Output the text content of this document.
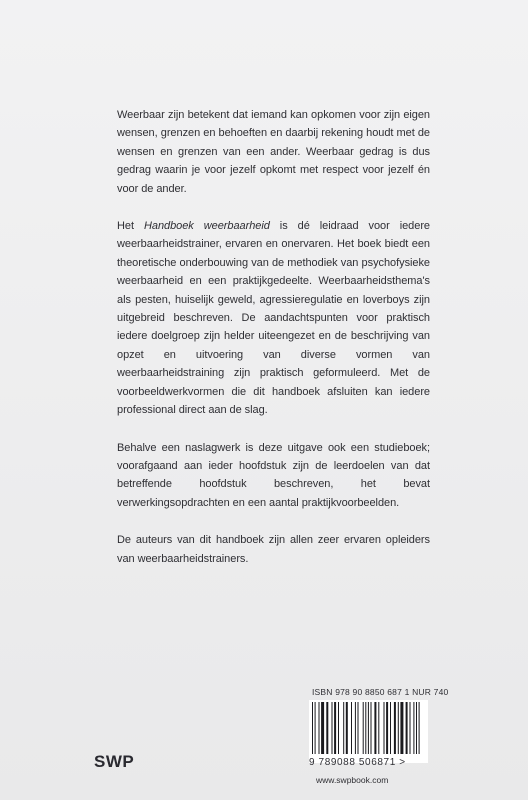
Weerbaar zijn betekent dat iemand kan opkomen voor zijn eigen wensen, grenzen en behoeften en daarbij rekening houdt met de wensen en grenzen van een ander. Weerbaar gedrag is dus gedrag waarin je voor jezelf opkomt met respect voor jezelf én voor de ander.

Het Handboek weerbaarheid is dé leidraad voor iedere weerbaarheidstrainer, ervaren en onervaren. Het boek biedt een theoretische onderbouwing van de methodiek van psychofysieke weerbaarheid en een praktijkgedeelte. Weerbaarheidsthema's als pesten, huiselijk geweld, agressieregulatie en loverboys zijn uitgebreid beschreven. De aandachtspunten voor praktisch iedere doelgroep zijn helder uiteengezet en de beschrijving van opzet en uitvoering van diverse vormen van weerbaarheidstraining zijn praktisch geformuleerd. Met de voorbeeldwerkvormen die dit handboek afsluiten kan iedere professional direct aan de slag.

Behalve een naslagwerk is deze uitgave ook een studieboek; voorafgaand aan ieder hoofdstuk zijn de leerdoelen van dat betreffende hoofdstuk beschreven, het bevat verwerkingsopdrachten en een aantal praktijkvoorbeelden.

De auteurs van dit handboek zijn allen zeer ervaren opleiders van weerbaarheidstrainers.

ISBN 978 90 8850 687 1 NUR 740
9 789088 506871 >
www.swpbook.com
SWP
